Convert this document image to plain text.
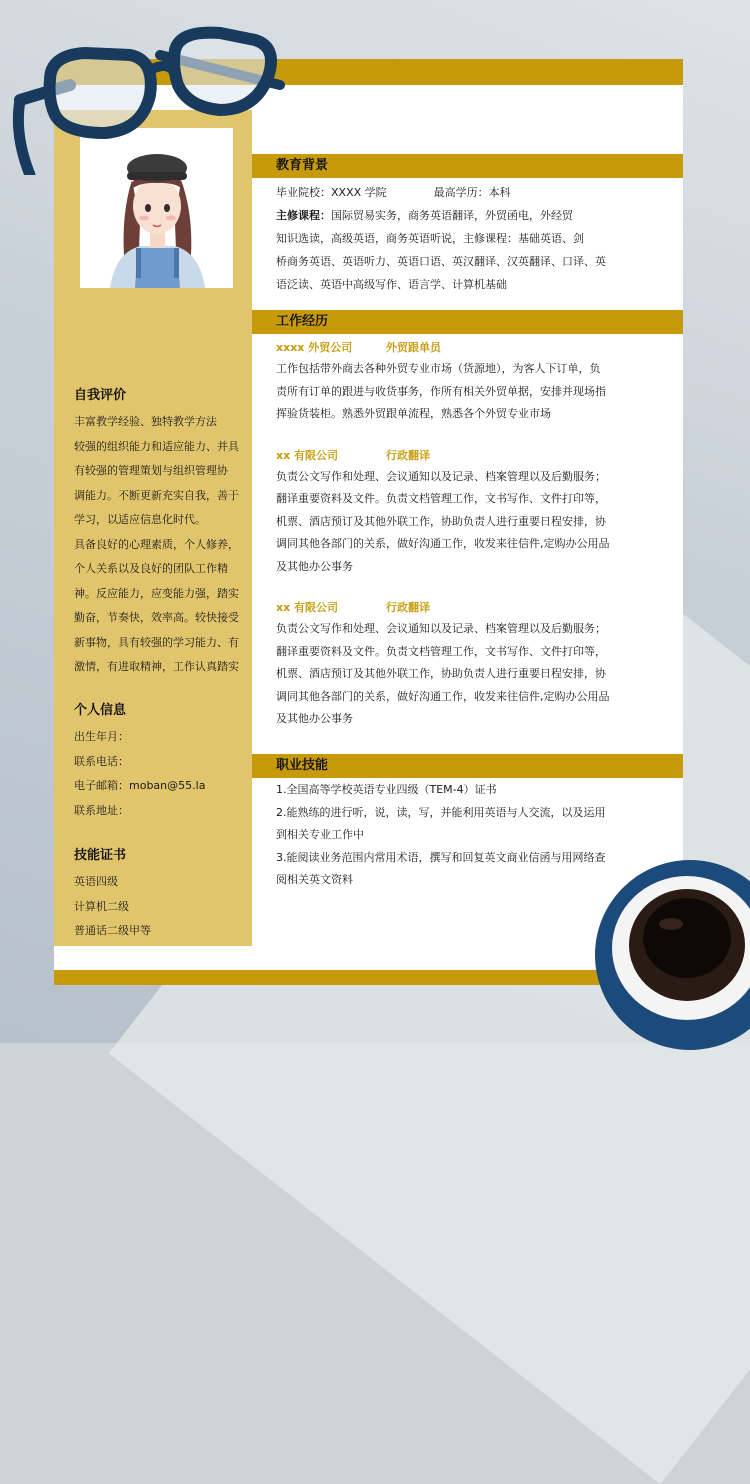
自我评价
丰富教学经验、独特教学方法
较强的组织能力和适应能力、并具
有较强的管理策划与组织管理协
调能力。不断更新充实自我，善于
学习，以适应信息化时代。
具备良好的心理素质，个人修养，
个人关系以及良好的团队工作精
神。反应能力，应变能力强，踏实
勤奋，节奏快，效率高。较快接受
新事物，具有较强的学习能力、有
激情，有进取精神，工作认真踏实
个人信息
出生年月：
联系电话：
电子邮箱：moban@55.la
联系地址：
技能证书
英语四级
计算机二级
普通话二级甲等
教育背景
毕业院校：XXXX 学院	最高学历：本科
主修课程：国际贸易实务，商务英语翻译，外贸函电，外经贸
知识选读，高级英语，商务英语听说，主修课程：基础英语、剑
桥商务英语、英语听力、英语口语、英汉翻译、汉英翻译、口译、英
语泛读、英语中高级写作、语言学、计算机基础
工作经历
xxxx 外贸公司	外贸跟单员
工作包括带外商去各种外贸专业市场（货源地），为客人下订单，负
责所有订单的跟进与收货事务，作所有相关外贸单据，安排并现场指
挥验货装柜。熟悉外贸跟单流程，熟悉各个外贸专业市场
xx 有限公司	行政翻译
负责公文写作和处理、会议通知以及记录、档案管理以及后勤服务；
翻译重要资料及文件。负责文档管理工作，文书写作、文件打印等，
机票、酒店预订及其他外联工作，协助负责人进行重要日程安排，协
调同其他各部门的关系，做好沟通工作，收发来往信件,定购办公用品
及其他办公事务
xx 有限公司	行政翻译
负责公文写作和处理、会议通知以及记录、档案管理以及后勤服务；
翻译重要资料及文件。负责文档管理工作，文书写作、文件打印等，
机票、酒店预订及其他外联工作，协助负责人进行重要日程安排，协
调同其他各部门的关系，做好沟通工作，收发来往信件,定购办公用品
及其他办公事务
职业技能
1.全国高等学校英语专业四级（TEM-4）证书
2.能熟练的进行听，说，读，写，并能利用英语与人交流，以及运用
到相关专业工作中
3.能阅读业务范围内常用术语，撰写和回复英文商业信函与用网络查
阅相关英文资料
